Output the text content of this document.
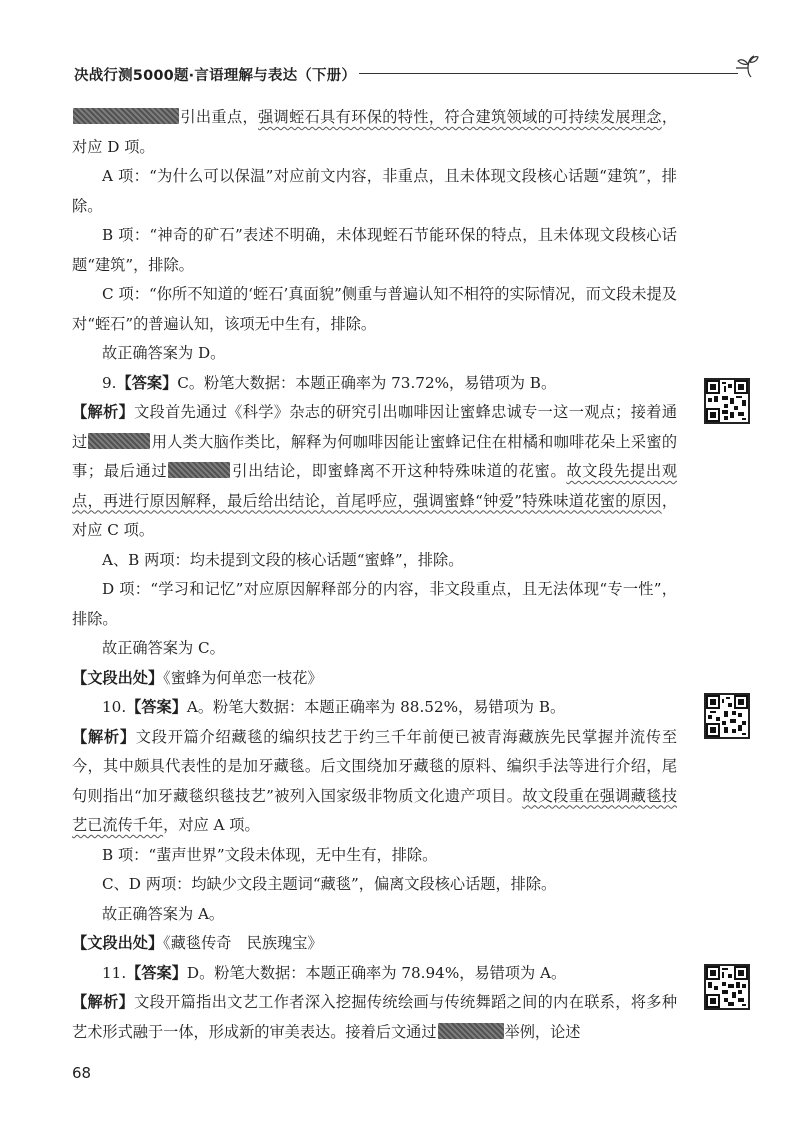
决战行测5000题·言语理解与表达（下册）

引出重点，强调蛭石具有环保的特性，符合建筑领域的可持续发展理念，对应 D 项。

A 项：“为什么可以保温”对应前文内容，非重点，且未体现文段核心话题“建筑”，排除。

B 项：“神奇的矿石”表述不明确，未体现蛭石节能环保的特点，且未体现文段核心话题“建筑”，排除。

C 项：“你所不知道的‘蛭石’真面貌”侧重与普遍认知不相符的实际情况，而文段未提及对“蛭石”的普遍认知，该项无中生有，排除。

故正确答案为 D。

9.【答案】C。粉笔大数据：本题正确率为 73.72%，易错项为 B。

【解析】文段首先通过《科学》杂志的研究引出咖啡因让蜜蜂忠诚专一这一观点；接着通过	用人类大脑作类比，解释为何咖啡因能让蜜蜂记住在柑橘和咖啡花朵上采蜜的事；最后通过	引出结论，即蜜蜂离不开这种特殊味道的花蜜。故文段先提出观点，再进行原因解释，最后给出结论，首尾呼应，强调蜜蜂“钟爱”特殊味道花蜜的原因，对应 C 项。

A、B 两项：均未提到文段的核心话题“蜜蜂”，排除。

D 项：“学习和记忆”对应原因解释部分的内容，非文段重点，且无法体现“专一性”，排除。

故正确答案为 C。

【文段出处】《蜜蜂为何单恋一枝花》

10.【答案】A。粉笔大数据：本题正确率为 88.52%，易错项为 B。

【解析】文段开篇介绍藏毯的编织技艺于约三千年前便已被青海藏族先民掌握并流传至今，其中颇具代表性的是加牙藏毯。后文围绕加牙藏毯的原料、编织手法等进行介绍，尾句则指出“加牙藏毯织毯技艺”被列入国家级非物质文化遗产项目。故文段重在强调藏毯技艺已流传千年，对应 A 项。

B 项：“蜚声世界”文段未体现，无中生有，排除。

C、D 两项：均缺少文段主题词“藏毯”，偏离文段核心话题，排除。

故正确答案为 A。

【文段出处】《藏毯传奇　民族瑰宝》

11.【答案】D。粉笔大数据：本题正确率为 78.94%，易错项为 A。

【解析】文段开篇指出文艺工作者深入挖掘传统绘画与传统舞蹈之间的内在联系，将多种艺术形式融于一体，形成新的审美表达。接着后文通过	举例，论述

68
